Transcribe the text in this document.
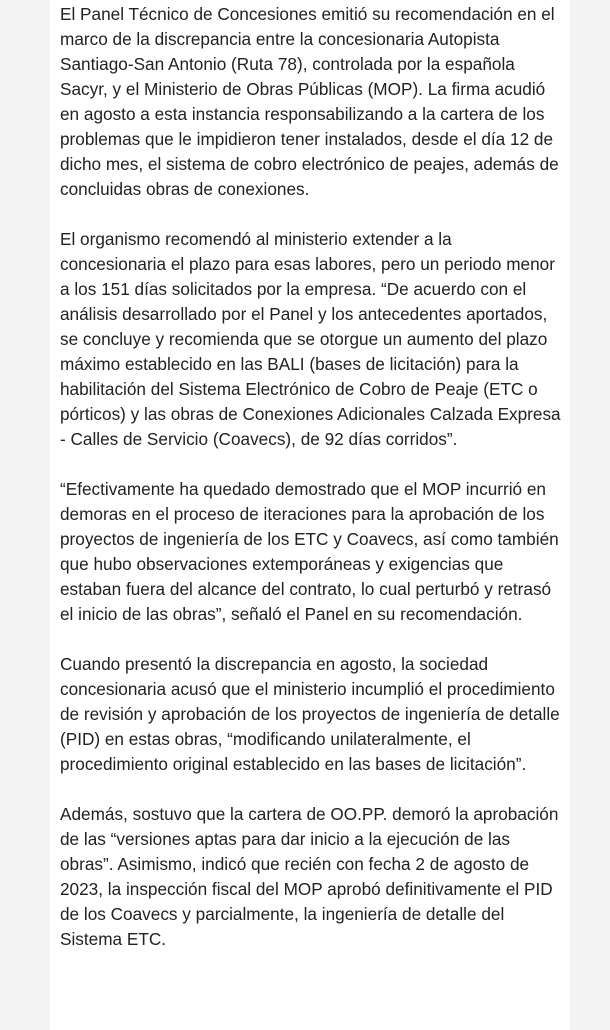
El Panel Técnico de Concesiones emitió su recomendación en el marco de la discrepancia entre la concesionaria Autopista Santiago-San Antonio (Ruta 78), controlada por la española Sacyr, y el Ministerio de Obras Públicas (MOP). La firma acudió en agosto a esta instancia responsabilizando a la cartera de los problemas que le impidieron tener instalados, desde el día 12 de dicho mes, el sistema de cobro electrónico de peajes, además de concluidas obras de conexiones.

El organismo recomendó al ministerio extender a la concesionaria el plazo para esas labores, pero un periodo menor a los 151 días solicitados por la empresa. “De acuerdo con el análisis desarrollado por el Panel y los antecedentes aportados, se concluye y recomienda que se otorgue un aumento del plazo máximo establecido en las BALI (bases de licitación) para la habilitación del Sistema Electrónico de Cobro de Peaje (ETC o pórticos) y las obras de Conexiones Adicionales Calzada Expresa - Calles de Servicio (Coavecs), de 92 días corridos”.

“Efectivamente ha quedado demostrado que el MOP incurrió en demoras en el proceso de iteraciones para la aprobación de los proyectos de ingeniería de los ETC y Coavecs, así como también que hubo observaciones extemporáneas y exigencias que estaban fuera del alcance del contrato, lo cual perturbó y retrasó el inicio de las obras”, señaló el Panel en su recomendación.

Cuando presentó la discrepancia en agosto, la sociedad concesionaria acusó que el ministerio incumplió el procedimiento de revisión y aprobación de los proyectos de ingeniería de detalle (PID) en estas obras, “modificando unilateralmente, el procedimiento original establecido en las bases de licitación”.

Además, sostuvo que la cartera de OO.PP. demoró la aprobación de las “versiones aptas para dar inicio a la ejecución de las obras”. Asimismo, indicó que recién con fecha 2 de agosto de 2023, la inspección fiscal del MOP aprobó definitivamente el PID de los Coavecs y parcialmente, la ingeniería de detalle del Sistema ETC.
